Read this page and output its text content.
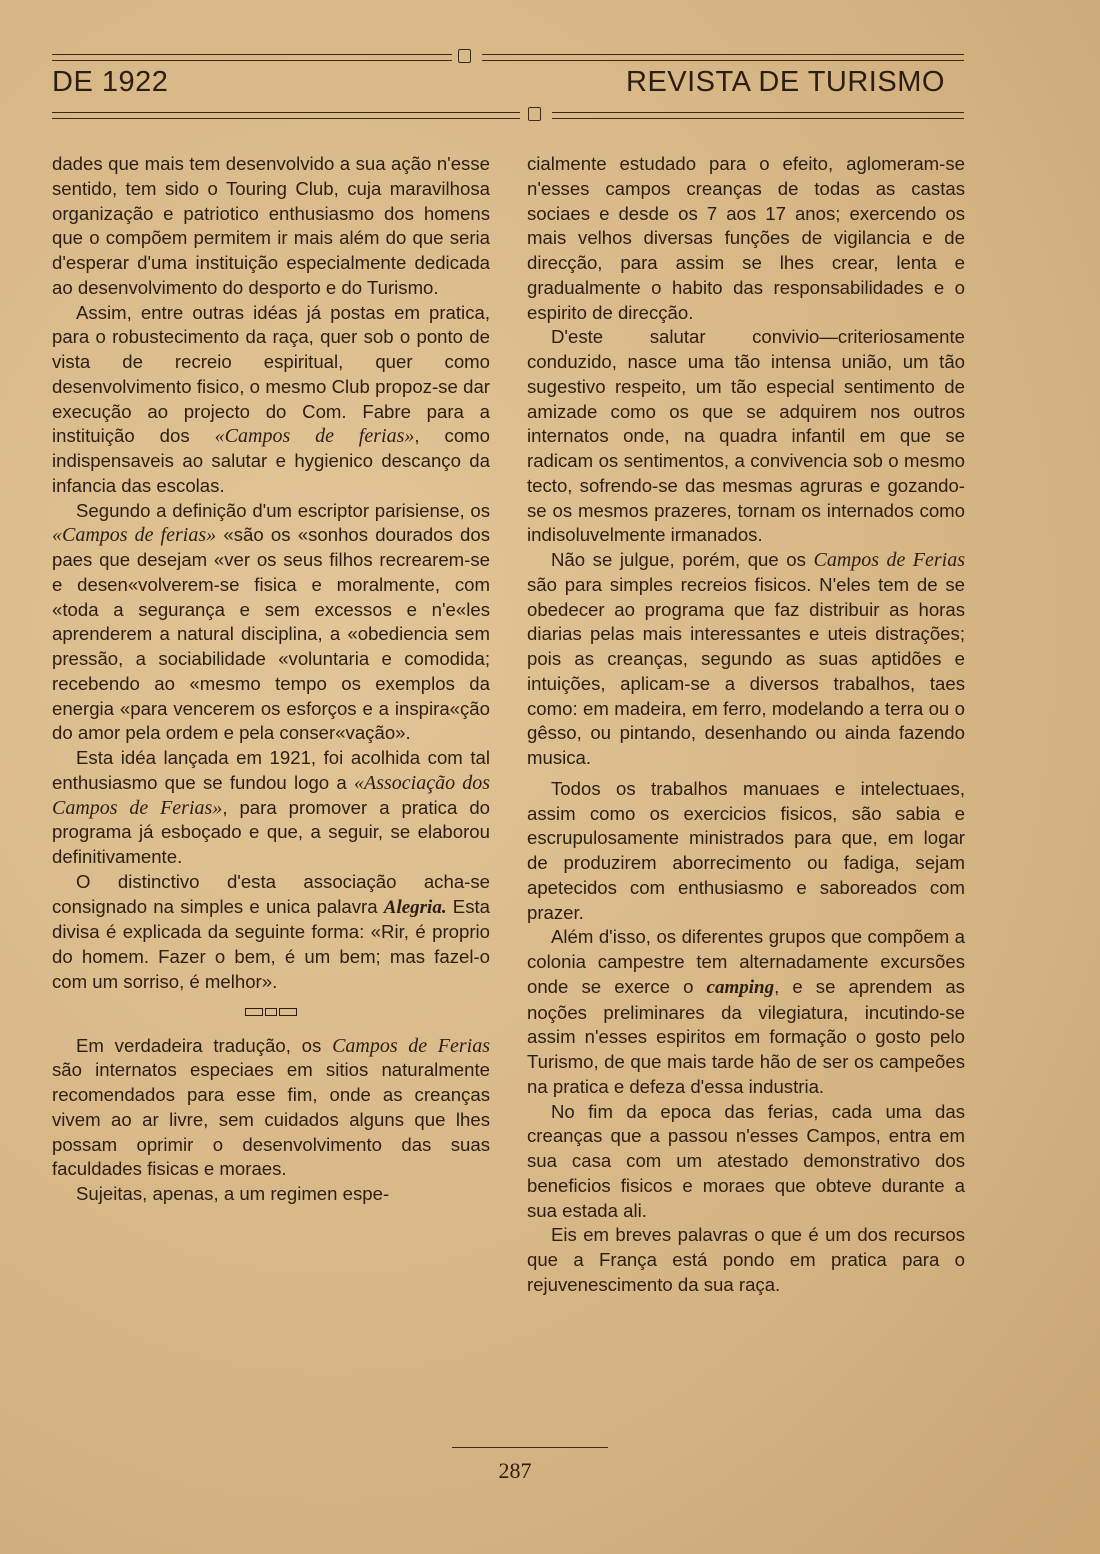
DE 1922	REVISTA DE TURISMO

dades que mais tem desenvolvido a sua ação n'esse sentido, tem sido o Touring Club, cuja maravilhosa organização e patriotico enthusiasmo dos homens que o compõem permitem ir mais além do que seria d'esperar d'uma instituição especialmente dedicada ao desenvolvimento do desporto e do Turismo.

Assim, entre outras idéas já postas em pratica, para o robustecimento da raça, quer sob o ponto de vista de recreio espiritual, quer como desenvolvimento fisico, o mesmo Club propoz-se dar execução ao projecto do Com. Fabre para a instituição dos «Campos de ferias», como indispensaveis ao salutar e hygienico descanço da infancia das escolas.

Segundo a definição d'um escriptor parisiense, os «Campos de ferias» «são os «sonhos dourados dos paes que desejam «ver os seus filhos recrearem-se e desen«volverem-se fisica e moralmente, com «toda a segurança e sem excessos e n'e«les aprenderem a natural disciplina, a «obediencia sem pressão, a sociabilidade «voluntaria e comodida; recebendo ao «mesmo tempo os exemplos da energia «para vencerem os esforços e a inspira«ção do amor pela ordem e pela conser«vação».

Esta idéa lançada em 1921, foi acolhida com tal enthusiasmo que se fundou logo a «Associação dos Campos de Ferias», para promover a pratica do programa já esboçado e que, a seguir, se elaborou definitivamente.

O distinctivo d'esta associação acha-se consignado na simples e unica palavra Alegria. Esta divisa é explicada da seguinte forma: «Rir, é proprio do homem. Fazer o bem, é um bem; mas fazel-o com um sorriso, é melhor».

Em verdadeira tradução, os Campos de Ferias são internatos especiaes em sitios naturalmente recomendados para esse fim, onde as creanças vivem ao ar livre, sem cuidados alguns que lhes possam oprimir o desenvolvimento das suas faculdades fisicas e moraes.

Sujeitas, apenas, a um regimen espe-

cialmente estudado para o efeito, aglomeram-se n'esses campos creanças de todas as castas sociaes e desde os 7 aos 17 anos; exercendo os mais velhos diversas funções de vigilancia e de direcção, para assim se lhes crear, lenta e gradualmente o habito das responsabilidades e o espirito de direcção.

D'este salutar convivio—criteriosamente conduzido, nasce uma tão intensa união, um tão sugestivo respeito, um tão especial sentimento de amizade como os que se adquirem nos outros internatos onde, na quadra infantil em que se radicam os sentimentos, a convivencia sob o mesmo tecto, sofrendo-se das mesmas agruras e gozando-se os mesmos prazeres, tornam os internados como indisoluvelmente irmanados.

Não se julgue, porém, que os Campos de Ferias são para simples recreios fisicos. N'eles tem de se obedecer ao programa que faz distribuir as horas diarias pelas mais interessantes e uteis distrações; pois as creanças, segundo as suas aptidões e intuições, aplicam-se a diversos trabalhos, taes como: em madeira, em ferro, modelando a terra ou o gêsso, ou pintando, desenhando ou ainda fazendo musica.

Todos os trabalhos manuaes e intelectuaes, assim como os exercicios fisicos, são sabia e escrupulosamente ministrados para que, em logar de produzirem aborrecimento ou fadiga, sejam apetecidos com enthusiasmo e saboreados com prazer.

Além d'isso, os diferentes grupos que compõem a colonia campestre tem alternadamente excursões onde se exerce o camping, e se aprendem as noções preliminares da vilegiatura, incutindo-se assim n'esses espiritos em formação o gosto pelo Turismo, de que mais tarde hão de ser os campeões na pratica e defeza d'essa industria.

No fim da epoca das ferias, cada uma das creanças que a passou n'esses Campos, entra em sua casa com um atestado demonstrativo dos beneficios fisicos e moraes que obteve durante a sua estada ali.

Eis em breves palavras o que é um dos recursos que a França está pondo em pratica para o rejuvenescimento da sua raça.

287
